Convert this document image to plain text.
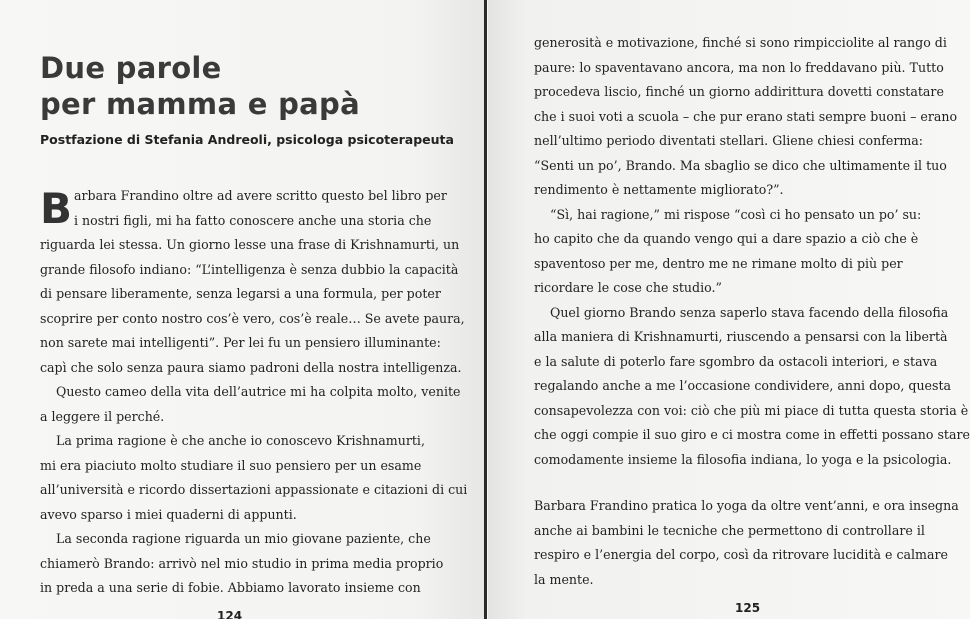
Due parole
per mamma e papà
Postfazione di Stefania Andreoli, psicologa psicoterapeuta
B arbara Frandino oltre ad avere scritto questo bel libro per
i nostri figli, mi ha fatto conoscere anche una storia che
riguarda lei stessa. Un giorno lesse una frase di Krishnamurti, un
grande filosofo indiano: “L’intelligenza è senza dubbio la capacità
di pensare liberamente, senza legarsi a una formula, per poter
scoprire per conto nostro cos’è vero, cos’è reale… Se avete paura,
non sarete mai intelligenti”. Per lei fu un pensiero illuminante:
capì che solo senza paura siamo padroni della nostra intelligenza.
Questo cameo della vita dell’autrice mi ha colpita molto, venite
a leggere il perché.
La prima ragione è che anche io conoscevo Krishnamurti,
mi era piaciuto molto studiare il suo pensiero per un esame
all’università e ricordo dissertazioni appassionate e citazioni di cui
avevo sparso i miei quaderni di appunti.
La seconda ragione riguarda un mio giovane paziente, che
chiamerò Brando: arrivò nel mio studio in prima media proprio
in preda a una serie di fobie. Abbiamo lavorato insieme con
124
generosità e motivazione, finché si sono rimpicciolite al rango di
paure: lo spaventavano ancora, ma non lo freddavano più. Tutto
procedeva liscio, finché un giorno addirittura dovetti constatare
che i suoi voti a scuola – che pur erano stati sempre buoni – erano
nell’ultimo periodo diventati stellari. Gliene chiesi conferma:
“Senti un po’, Brando. Ma sbaglio se dico che ultimamente il tuo
rendimento è nettamente migliorato?”.
“Sì, hai ragione,” mi rispose “così ci ho pensato un po’ su:
ho capito che da quando vengo qui a dare spazio a ciò che è
spaventoso per me, dentro me ne rimane molto di più per
ricordare le cose che studio.”
Quel giorno Brando senza saperlo stava facendo della filosofia
alla maniera di Krishnamurti, riuscendo a pensarsi con la libertà
e la salute di poterlo fare sgombro da ostacoli interiori, e stava
regalando anche a me l’occasione condividere, anni dopo, questa
consapevolezza con voi: ciò che più mi piace di tutta questa storia è
che oggi compie il suo giro e ci mostra come in effetti possano stare
comodamente insieme la filosofia indiana, lo yoga e la psicologia.
Barbara Frandino pratica lo yoga da oltre vent’anni, e ora insegna
anche ai bambini le tecniche che permettono di controllare il
respiro e l’energia del corpo, così da ritrovare lucidità e calmare
la mente.
125
